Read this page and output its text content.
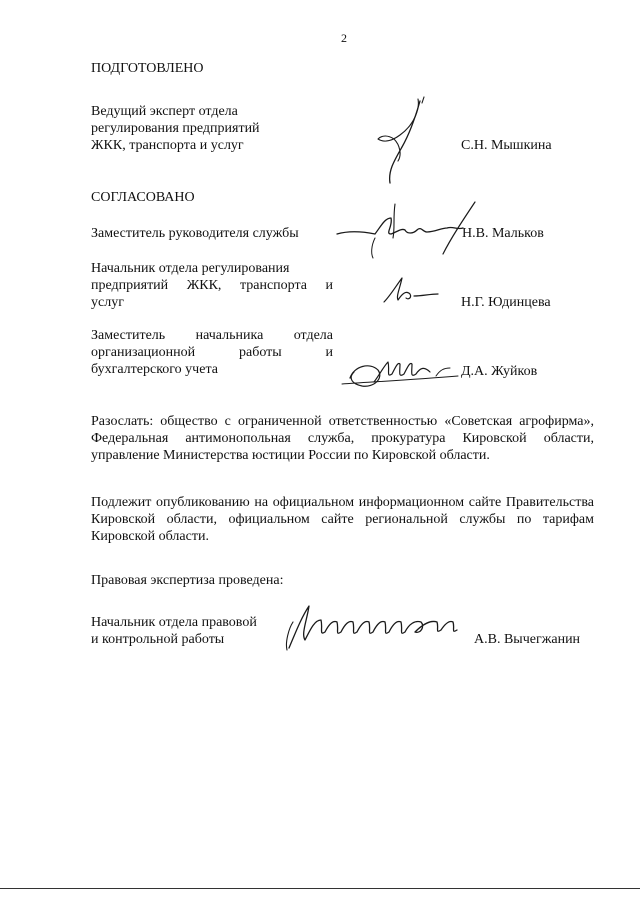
2
ПОДГОТОВЛЕНО
Ведущий эксперт отдела
регулирования предприятий
ЖКК, транспорта и услуг	С.Н. Мышкина
СОГЛАСОВАНО
Заместитель руководителя службы	Н.В. Мальков
Начальник отдела регулирования
предприятий ЖКК, транспорта и
услуг	Н.Г. Юдинцева
Заместитель начальника отдела
организационной работы и
бухгалтерского учета	Д.А. Жуйков
Разослать: общество с ограниченной ответственностью «Советская агрофирма», Федеральная антимонопольная служба, прокуратура Кировской области, управление Министерства юстиции России по Кировской области.
Подлежит опубликованию на официальном информационном сайте Правительства Кировской области, официальном сайте региональной службы по тарифам Кировской области.
Правовая экспертиза проведена:
Начальник отдела правовой
и контрольной работы	А.В. Вычегжанин
